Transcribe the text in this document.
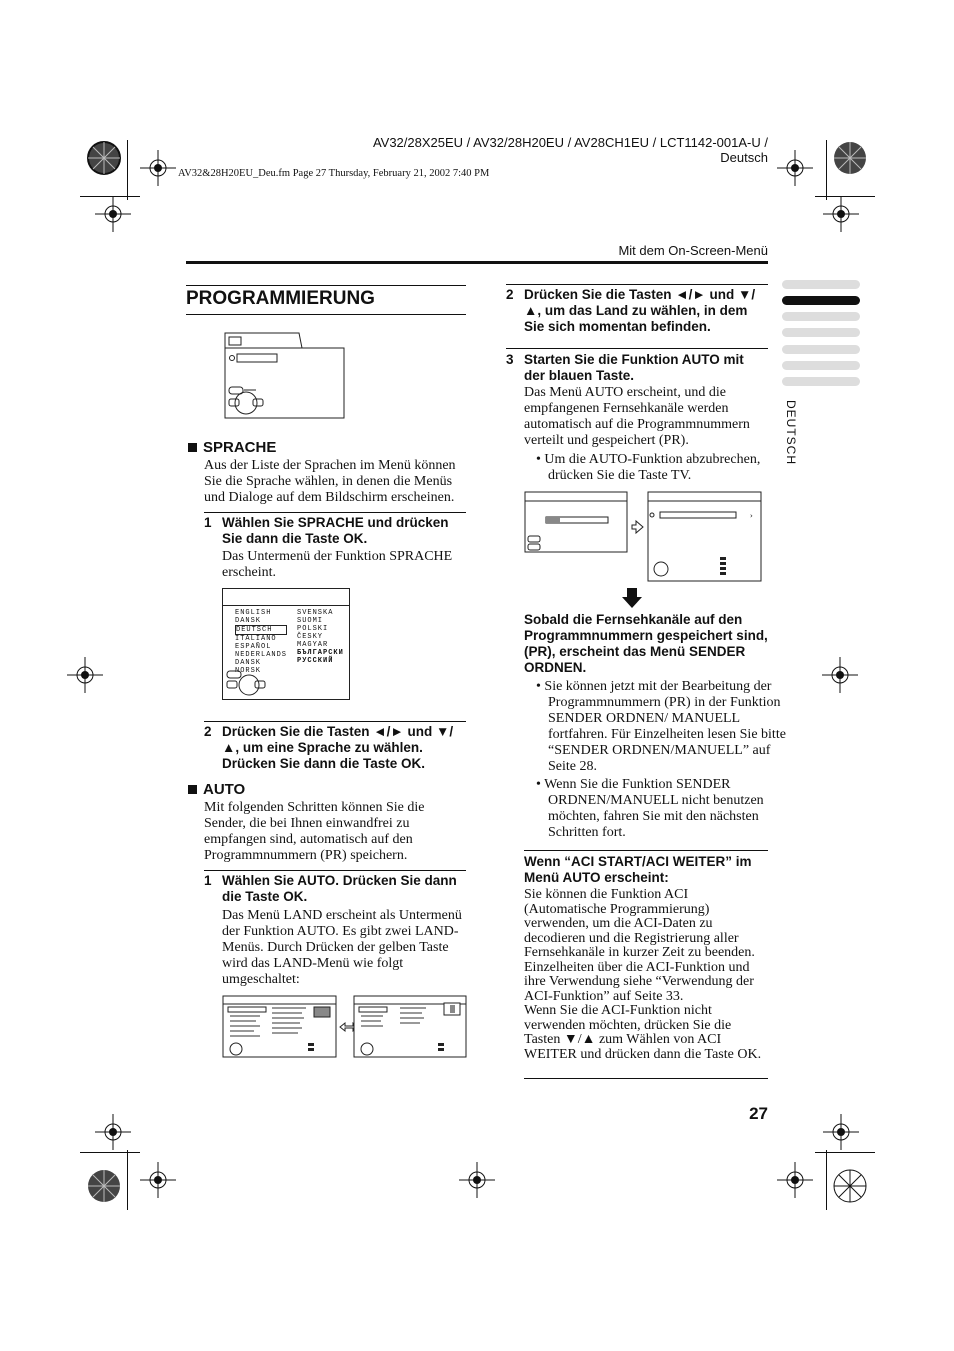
AV32/28X25EU / AV32/28H20EU / AV28CH1EU / LCT1142-001A-U / Deutsch
AV32&28H20EU_Deu.fm Page 27 Thursday, February 21, 2002 7:40 PM
Mit dem On-Screen-Menü
DEUTSCH
PROGRAMMIERUNG
SPRACHE
Aus der Liste der Sprachen im Menü können Sie die Sprache wählen, in denen die Menüs und Dialoge auf dem Bildschirm erscheinen.
1 Wählen Sie SPRACHE und drücken Sie dann die Taste OK.
Das Untermenü der Funktion SPRACHE erscheint.
ENGLISH
DANSK
DEUTSCH
ITALIANO
ESPAÑOL
NEDERLANDS
DANSK
NORSK
SVENSKA
SUOMI
POLSKI
ČESKY
MAGYAR
БЪЛГАРСКИ
РУССКИЙ
2 Drücken Sie die Tasten ◄/► und ▼/▲, um eine Sprache zu wählen. Drücken Sie dann die Taste OK.
AUTO
Mit folgenden Schritten können Sie die Sender, die bei Ihnen einwandfrei zu empfangen sind, automatisch auf den Programmnummern (PR) speichern.
1 Wählen Sie AUTO. Drücken Sie dann die Taste OK.
Das Menü LAND erscheint als Untermenü der Funktion AUTO. Es gibt zwei LAND-Menüs. Durch Drücken der gelben Taste wird das LAND-Menü wie folgt umgeschaltet:
2 Drücken Sie die Tasten ◄/► und ▼/▲, um das Land zu wählen, in dem Sie sich momentan befinden.
3 Starten Sie die Funktion AUTO mit der blauen Taste.
Das Menü AUTO erscheint, und die empfangenen Fernsehkanäle werden automatisch auf die Programmnummern verteilt und gespeichert (PR).
• Um die AUTO-Funktion abzubrechen, drücken Sie die Taste TV.
›
Sobald die Fernsehkanäle auf den Programmnummern gespeichert sind, (PR), erscheint das Menü SENDER ORDNEN.
• Sie können jetzt mit der Bearbeitung der Programmnummern (PR) in der Funktion SENDER ORDNEN/ MANUELL fortfahren. Für Einzelheiten lesen Sie bitte “SENDER ORDNEN/MANUELL” auf Seite 28.
• Wenn Sie die Funktion SENDER ORDNEN/MANUELL nicht benutzen möchten, fahren Sie mit den nächsten Schritten fort.
Wenn “ACI START/ACI WEITER” im Menü AUTO erscheint:
Sie können die Funktion ACI (Automatische Programmierung) verwenden, um die ACI-Daten zu decodieren und die Registrierung aller Fernsehkanäle in kurzer Zeit zu beenden. Einzelheiten über die ACI-Funktion und ihre Verwendung siehe “Verwendung der ACI-Funktion” auf Seite 33.
Wenn Sie die ACI-Funktion nicht verwenden möchten, drücken Sie die Tasten ▼/▲ zum Wählen von ACI WEITER und drücken dann die Taste OK.
27
